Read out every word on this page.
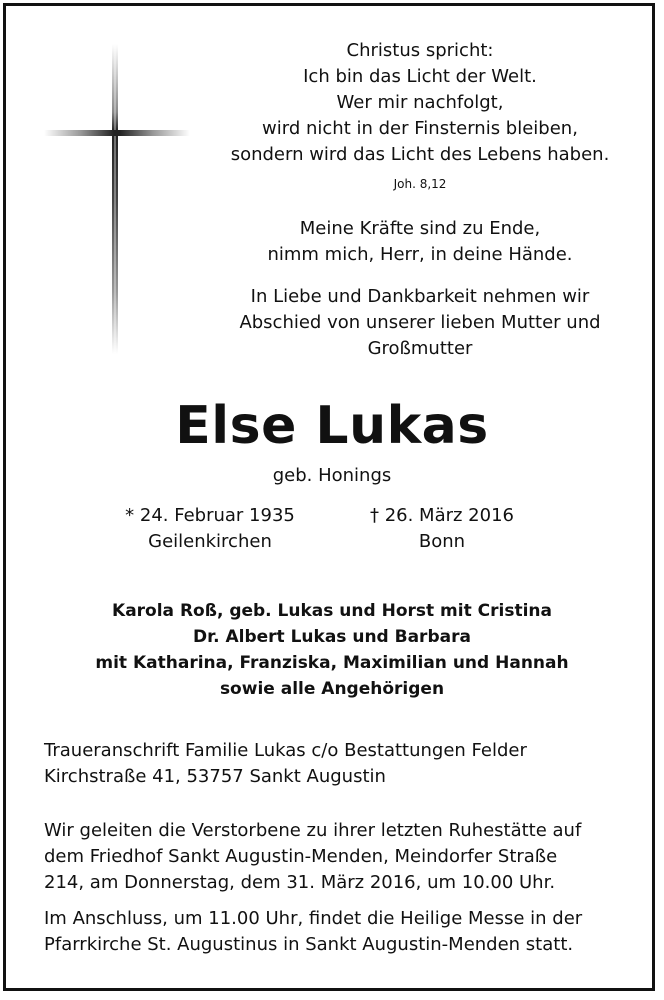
Christus spricht:
Ich bin das Licht der Welt.
Wer mir nachfolgt,
wird nicht in der Finsternis bleiben,
sondern wird das Licht des Lebens haben.
Joh. 8,12
Meine Kräfte sind zu Ende,
nimm mich, Herr, in deine Hände.
In Liebe und Dankbarkeit nehmen wir
Abschied von unserer lieben Mutter und
Großmutter
Else Lukas
geb. Honings
* 24. Februar 1935
Geilenkirchen
† 26. März 2016
Bonn
Karola Roß, geb. Lukas und Horst mit Cristina
Dr. Albert Lukas und Barbara
mit Katharina, Franziska, Maximilian und Hannah
sowie alle Angehörigen
Traueranschrift Familie Lukas c/o Bestattungen Felder
Kirchstraße 41, 53757 Sankt Augustin
Wir geleiten die Verstorbene zu ihrer letzten Ruhestätte auf
dem Friedhof Sankt Augustin-Menden, Meindorfer Straße
214, am Donnerstag, dem 31. März 2016, um 10.00 Uhr.
Im Anschluss, um 11.00 Uhr, findet die Heilige Messe in der
Pfarrkirche St. Augustinus in Sankt Augustin-Menden statt.
